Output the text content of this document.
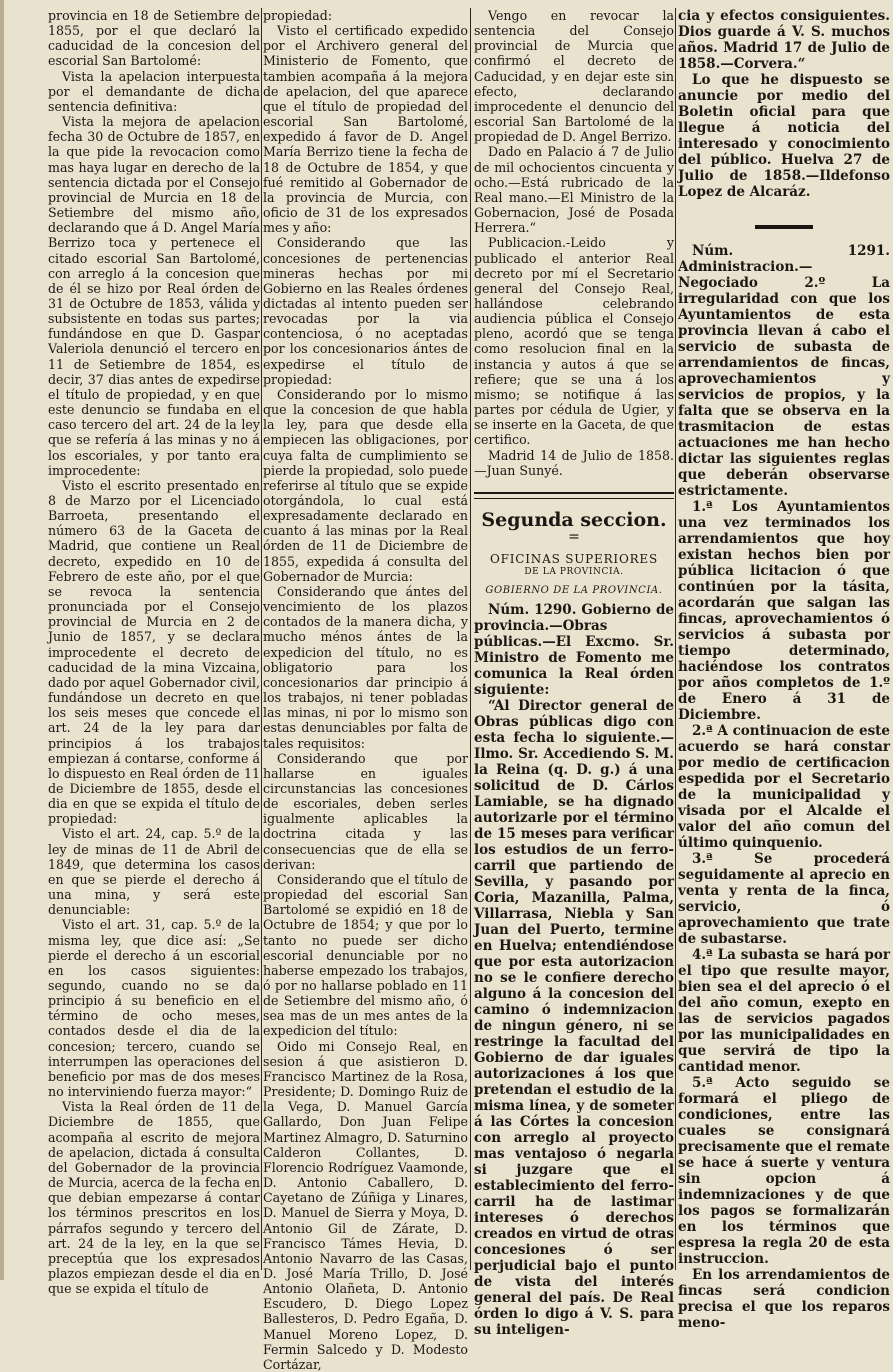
provincia en 18 de Setiembre de 1855, por el que declaró la caducidad de la concesion del escorial San Bartolomé:

Vista la apelacion interpuesta por el demandante de dicha sentencia definitiva:

Vista la mejora de apelacion fecha 30 de Octubre de 1857, en la que pide la revocacion como mas haya lugar en derecho de la sentencia dictada por el Consejo provincial de Murcia en 18 de Setiembre del mismo año, declarando que á D. Angel María Berrizo toca y pertenece el citado escorial San Bartolomé, con arreglo á la concesion que de él se hizo por Real órden de 31 de Octubre de 1853, válida y subsistente en todas sus partes; fundándose en que D. Gaspar Valeriola denunció el tercero en 11 de Setiembre de 1854, es decir, 37 dias antes de expedirse el título de propiedad, y en que este denuncio se fundaba en el caso tercero del art. 24 de la ley que se refería á las minas y no á los escoriales, y por tanto era improcedente:

Visto el escrito presentado en 8 de Marzo por el Licenciado Barroeta, presentando el número 63 de la Gaceta de Madrid, que contiene un Real decreto, expedido en 10 de Febrero de este año, por el que se revoca la sentencia pronunciada por el Consejo provincial de Murcia en 2 de Junio de 1857, y se declara improcedente el decreto de caducidad de la mina Vizcaina, dado por aquel Gobernador civil, fundándose un decreto en que los seis meses que concede el art. 24 de la ley para dar principios á los trabajos empiezan á contarse, conforme á lo dispuesto en Real órden de 11 de Diciembre de 1855, desde el dia en que se expida el título de propiedad:

Visto el art. 24, cap. 5.º de la ley de minas de 11 de Abril de 1849, que determina los casos en que se pierde el derecho á una mina, y será este denunciable:

Visto el art. 31, cap. 5.º de la misma ley, que dice así: „Se pierde el derecho á un escorial en los casos siguientes: segundo, cuando no se da principio á su beneficio en el término de ocho meses, contados desde el dia de la concesion; tercero, cuando se interrumpen las operaciones del beneficio por mas de dos meses no interviniendo fuerza mayor:“

Vista la Real órden de 11 de Diciembre de 1855, que acompaña al escrito de mejora de apelacion, dictada á consulta del Gobernador de la provincia de Murcia, acerca de la fecha en que debian empezarse á contar los términos prescritos en los párrafos segundo y tercero del art. 24 de la ley, en la que se preceptúa que los expresados plazos empiezan desde el dia en que se expida el título de

propiedad:

Visto el certificado expedido por el Archivero general del Ministerio de Fomento, que tambien acompaña á la mejora de apelacion, del que aparece que el título de propiedad del escorial San Bartolomé, expedido á favor de D. Angel María Berrizo tiene la fecha de 18 de Octubre de 1854, y que fué remitido al Gobernador de la provincia de Murcia, con oficio de 31 de los expresados mes y año:

Considerando que las concesiones de pertenencias mineras hechas por mi Gobierno en las Reales órdenes dictadas al intento pueden ser revocadas por la via contenciosa, ó no aceptadas por los concesionarios ántes de expedirse el título de propiedad:

Considerando por lo mismo que la concesion de que habla la ley, para que desde ella empiecen las obligaciones, por cuya falta de cumplimiento se pierde la propiedad, solo puede referirse al título que se expide otorgándola, lo cual está expresadamente declarado en cuanto á las minas por la Real órden de 11 de Diciembre de 1855, expedida á consulta del Gobernador de Murcia:

Considerando que ántes del vencimiento de los plazos contados de la manera dicha, y mucho ménos ántes de la expedicion del título, no es obligatorio para los concesionarios dar principio á los trabajos, ni tener pobladas las minas, ni por lo mismo son estas denunciables por falta de tales requisitos:

Considerando que por hallarse en iguales circunstancias las concesiones de escoriales, deben serles igualmente aplicables la doctrina citada y las consecuencias que de ella se derivan:

Considerando que el título de propiedad del escorial San Bartolomé se expidió en 18 de Octubre de 1854; y que por lo tanto no puede ser dicho escorial denunciable por no haberse empezado los trabajos, ó por no hallarse poblado en 11 de Setiembre del mismo año, ó sea mas de un mes antes de la expedicion del título:

Oido mi Consejo Real, en sesion á que asistieron D. Francisco Martinez de la Rosa, Presidente; D. Domingo Ruiz de la Vega, D. Manuel García Gallardo, Don Juan Felipe Martinez Almagro, D. Saturnino Calderon Collantes, D. Florencio Rodríguez Vaamonde, D. Antonio Caballero, D. Cayetano de Zúñiga y Linares, D. Manuel de Sierra y Moya, D. Antonio Gil de Zárate, D. Francisco Támes Hevia, D. Antonio Navarro de las Casas, D. José María Trillo, D. José Antonio Olañeta, D. Antonio Escudero, D. Diego Lopez Ballesteros, D. Pedro Egaña, D. Manuel Moreno Lopez, D. Fermin Salcedo y D. Modesto Cortázar,

Vengo en revocar la sentencia del Consejo provincial de Murcia que confirmó el decreto de Caducidad, y en dejar este sin efecto, declarando improcedente el denuncio del escorial San Bartolomé de la propiedad de D. Angel Berrizo.

Dado en Palacio á 7 de Julio de mil ochocientos cincuenta y ocho.—Está rubricado de la Real mano.—El Ministro de la Gobernacion, José de Posada Herrera.“

Publicacion.-Leido y publicado el anterior Real decreto por mí el Secretario general del Consejo Real, hallándose celebrando audiencia pública el Consejo pleno, acordó que se tenga como resolucion final en la instancia y autos á que se refiere; que se una á los mismo; se notifique á las partes por cédula de Ugier, y se inserte en la Gaceta, de que certifico.

Madrid 14 de Julio de 1858.—Juan Sunyé.

Segunda seccion.

=

OFICINAS SUPERIORES

DE LA PROVINCIA.

GOBIERNO DE LA PROVINCIA.

Núm. 1290. Gobierno de provincia.—Obras públicas.—El Excmo. Sr. Ministro de Fomento me comunica la Real órden siguiente:

“Al Director general de Obras públicas digo con esta fecha lo siguiente.—Ilmo. Sr. Accediendo S. M. la Reina (q. D. g.) á una solicitud de D. Cárlos Lamiable, se ha dignado autorizarle por el término de 15 meses para verificar los estudios de un ferro-carril que partiendo de Sevilla, y pasando por Coria, Mazanilla, Palma, Villarrasa, Niebla y San Juan del Puerto, termine en Huelva; entendiéndose que por esta autorizacion no se le confiere derecho alguno á la concesion del camino ó indemnizacion de ningun género, ni se restringe la facultad del Gobierno de dar iguales autorizaciones á los que pretendan el estudio de la misma línea, y de someter á las Córtes la concesion con arreglo al proyecto mas ventajoso ó negarla si juzgare que el establecimiento del ferro-carril ha de lastimar intereses ó derechos creados en virtud de otras concesiones ó ser perjudicial bajo el punto de vista del interés general del país. De Real órden lo digo á V. S. para su inteligen-

cia y efectos consiguientes. Dios guarde á V. S. muchos años. Madrid 17 de Julio de 1858.—Corvera.“

Lo que he dispuesto se anuncie por medio del Boletin oficial para que llegue á noticia del interesado y conocimiento del público. Huelva 27 de Julio de 1858.—Ildefonso Lopez de Alcaráz.

Núm. 1291. Administracion.—Negociado 2.º La irregularidad con que los Ayuntamientos de esta provincia llevan á cabo el servicio de subasta de arrendamientos de fincas, aprovechamientos y servicios de propios, y la falta que se observa en la trasmitacion de estas actuaciones me han hecho dictar las siguientes reglas que deberán observarse estrictamente.

1.ª Los Ayuntamientos una vez terminados los arrendamientos que hoy existan hechos bien por pública licitacion ó que continúen por la tásita, acordarán que salgan las fincas, aprovechamientos ó servicios á subasta por tiempo determinado, haciéndose los contratos por años completos de 1.º de Enero á 31 de Diciembre.

2.ª A continuacion de este acuerdo se hará constar por medio de certificacion espedida por el Secretario de la municipalidad y visada por el Alcalde el valor del año comun del último quinquenio.

3.ª Se procederá seguidamente al aprecio en venta y renta de la finca, servicio, ó aprovechamiento que trate de subastarse.

4.ª La subasta se hará por el tipo que resulte mayor, bien sea el del aprecio ó el del año comun, exepto en las de servicios pagados por las municipalidades en que servirá de tipo la cantidad menor.

5.ª Acto seguido se formará el pliego de condiciones, entre las cuales se consignará precisamente que el remate se hace á suerte y ventura sin opcion á indemnizaciones y de que los pagos se formalizarán en los términos que espresa la regla 20 de esta instruccion.

En los arrendamientos de fincas será condicion precisa el que los reparos meno-
